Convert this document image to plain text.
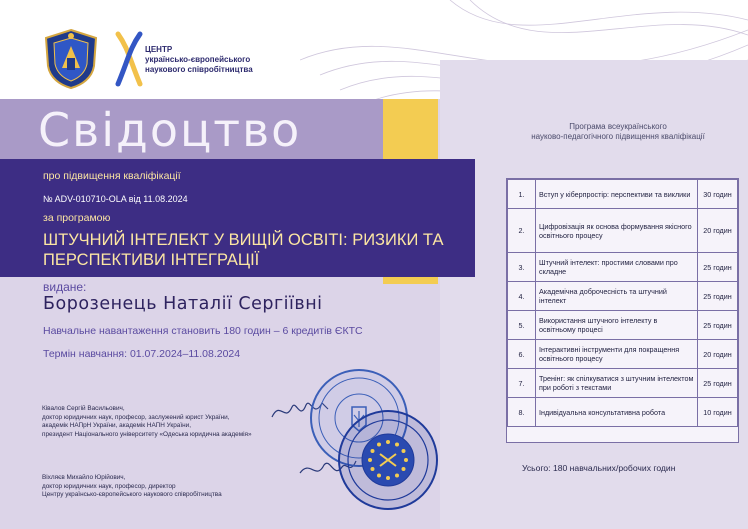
ЦЕНТР
українсько-європейського
наукового співробітництва
Свідоцтво
про підвищення кваліфікації
№ ADV-010710-OLA від 11.08.2024
за програмою
ШТУЧНИЙ ІНТЕЛЕКТ У ВИЩІЙ ОСВІТІ: РИЗИКИ ТА ПЕРСПЕКТИВИ ІНТЕГРАЦІЇ
видане:
Борозенець Наталії Сергіївні
Навчальне навантаження становить 180 годин – 6 кредитів ЄКТС
Термін навчання: 01.07.2024–11.08.2024
Ківалов Сергій Васильович,
доктор юридичних наук, професор, заслужений юрист України,
академік НАПрН України, академік НАПН України,
президент Національного університету «Одеська юридична академія»
Віхляєв Михайло Юрійович,
доктор юридичних наук, професор, директор
Центру українсько-європейського наукового співробітництва
Програма всеукраїнського
науково-педагогічного підвищення кваліфікації
1.	Вступ у кіберпростір: перспективи та виклики	30 годин
2.	Цифровізація як основа формування якісного освітнього процесу	20 годин
3.	Штучний інтелект: простими словами про складне	25 годин
4.	Академічна доброчесність та штучний інтелект	25 годин
5.	Використання штучного інтелекту в освітньому процесі	25 годин
6.	Інтерактивні інструменти для покращення освітнього процесу	20 годин
7.	Тренінг: як спілкуватися з штучним інтелектом при роботі з текстами	25 годин
8.	Індивідуальна консультативна робота	10 годин
Усього: 180 навчальних/робочих годин
